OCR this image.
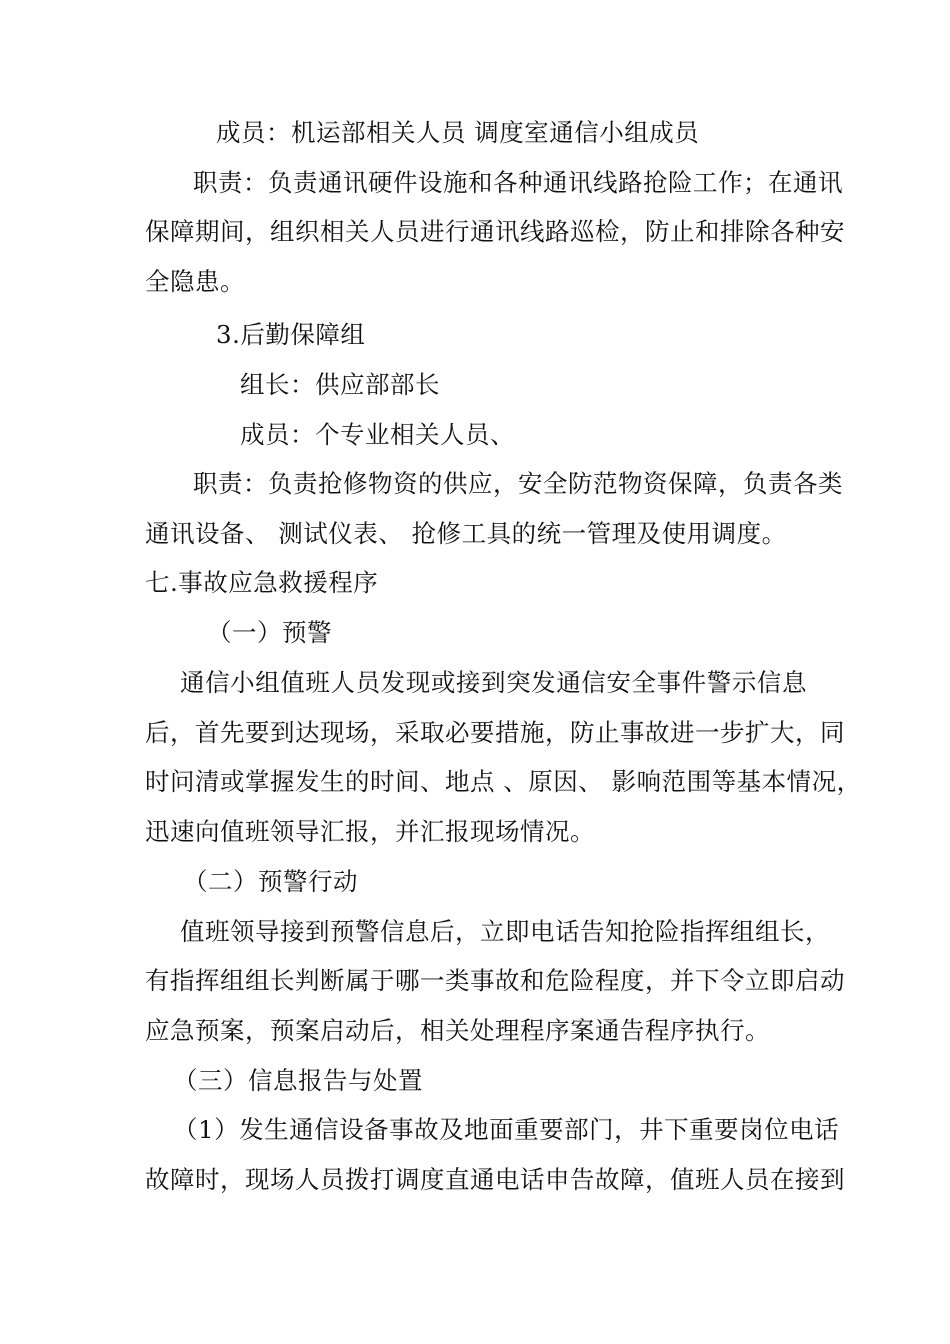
成员：机运部相关人员 调度室通信小组成员
职责：负责通讯硬件设施和各种通讯线路抢险工作；在通讯
保障期间，组织相关人员进行通讯线路巡检，防止和排除各种安
全隐患。
3.后勤保障组
组长：供应部部长
成员：个专业相关人员、
职责：负责抢修物资的供应，安全防范物资保障，负责各类
通讯设备、 测试仪表、 抢修工具的统一管理及使用调度。
七.事故应急救援程序
（一）预警
通信小组值班人员发现或接到突发通信安全事件警示信息
后，首先要到达现场，采取必要措施，防止事故进一步扩大，同
时问清或掌握发生的时间、地点 、原因、 影响范围等基本情况，
迅速向值班领导汇报，并汇报现场情况。
（二）预警行动
值班领导接到预警信息后，立即电话告知抢险指挥组组长，
有指挥组组长判断属于哪一类事故和危险程度，并下令立即启动
应急预案，预案启动后，相关处理程序案通告程序执行。
（三）信息报告与处置
（1）发生通信设备事故及地面重要部门，井下重要岗位电话
故障时，现场人员拨打调度直通电话申告故障，值班人员在接到
